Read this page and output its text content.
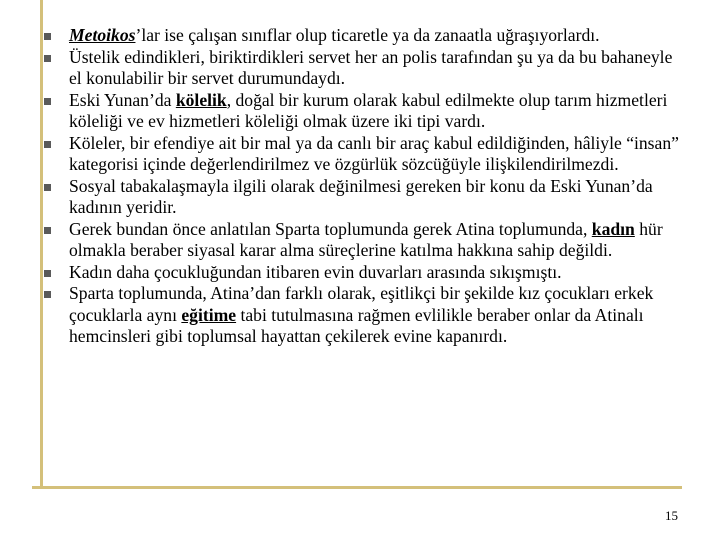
Metoikos’lar ise çalışan sınıflar olup ticaretle ya da zanaatla uğraşıyorlardı.
Üstelik edindikleri, biriktirdikleri servet her an polis tarafından şu ya da bu bahaneyle el konulabilir bir servet durumundaydı.
Eski Yunan’da kölelik, doğal bir kurum olarak kabul edilmekte olup tarım hizmetleri köleliği ve ev hizmetleri köleliği olmak üzere iki tipi vardı.
Köleler, bir efendiye ait bir mal ya da canlı bir araç kabul edildiğinden, hâliyle “insan” kategorisi içinde değerlendirilmez ve özgürlük sözcüğüyle ilişkilendirilmezdi.
Sosyal tabakalaşmayla ilgili olarak değinilmesi gereken bir konu da Eski Yunan’da kadının yeridir.
Gerek bundan önce anlatılan Sparta toplumunda gerek Atina toplumunda, kadın hür olmakla beraber siyasal karar alma süreçlerine katılma hakkına sahip değildi.
Kadın daha çocukluğundan itibaren evin duvarları arasında sıkışmıştı.
Sparta toplumunda, Atina’dan farklı olarak, eşitlikçi bir şekilde kız çocukları erkek çocuklarla aynı eğitime tabi tutulmasına rağmen evlilikle beraber onlar da Atinalı hemcinsleri gibi toplumsal hayattan çekilerek evine kapanırdı.
15
